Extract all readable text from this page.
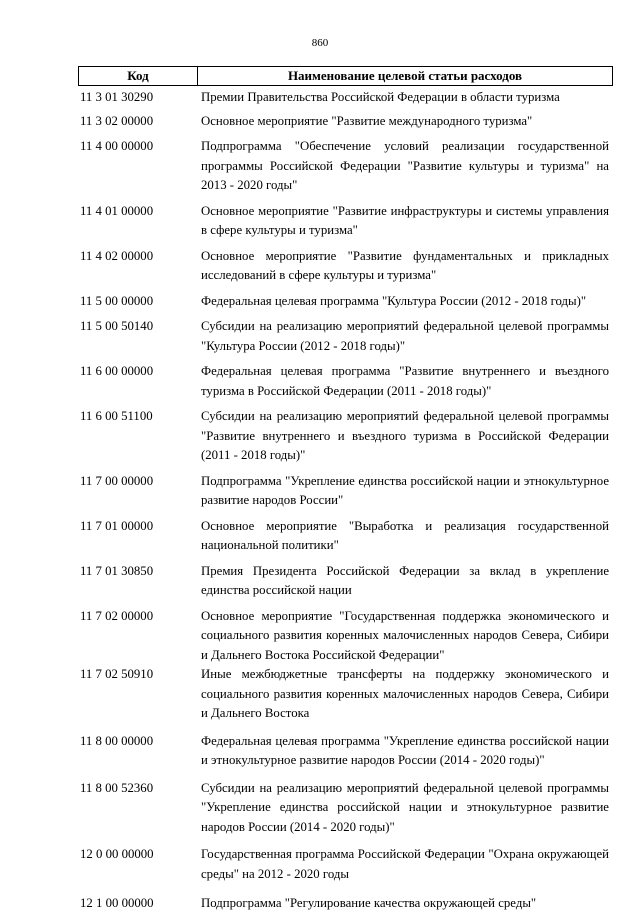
860
Код	Наименование целевой статьи расходов
11 3 01 30290	Премии Правительства Российской Федерации в области туризма
11 3 02 00000	Основное мероприятие "Развитие международного туризма"
11 4 00 00000	Подпрограмма "Обеспечение условий реализации государственной программы Российской Федерации "Развитие культуры и туризма" на 2013 - 2020 годы"
11 4 01 00000	Основное мероприятие "Развитие инфраструктуры и системы управления в сфере культуры и туризма"
11 4 02 00000	Основное мероприятие "Развитие фундаментальных и прикладных исследований в сфере культуры и туризма"
11 5 00 00000	Федеральная целевая программа "Культура России (2012 - 2018 годы)"
11 5 00 50140	Субсидии на реализацию мероприятий федеральной целевой программы "Культура России (2012 - 2018 годы)"
11 6 00 00000	Федеральная целевая программа "Развитие внутреннего и въездного туризма в Российской Федерации (2011 - 2018 годы)"
11 6 00 51100	Субсидии на реализацию мероприятий федеральной целевой программы "Развитие внутреннего и въездного туризма в Российской Федерации (2011 - 2018 годы)"
11 7 00 00000	Подпрограмма "Укрепление единства российской нации и этнокультурное развитие народов России"
11 7 01 00000	Основное мероприятие "Выработка и реализация государственной национальной политики"
11 7 01 30850	Премия Президента Российской Федерации за вклад в укрепление единства российской нации
11 7 02 00000	Основное мероприятие "Государственная поддержка экономического и социального развития коренных малочисленных народов Севера, Сибири и Дальнего Востока Российской Федерации"
11 7 02 50910	Иные межбюджетные трансферты на поддержку экономического и социального развития коренных малочисленных народов Севера, Сибири и Дальнего Востока
11 8 00 00000	Федеральная целевая программа "Укрепление единства российской нации и этнокультурное развитие народов России (2014 - 2020 годы)"
11 8 00 52360	Субсидии на реализацию мероприятий федеральной целевой программы "Укрепление единства российской нации и этнокультурное развитие народов России (2014 - 2020 годы)"
12 0 00 00000	Государственная программа Российской Федерации "Охрана окружающей среды" на 2012 - 2020 годы
12 1 00 00000	Подпрограмма "Регулирование качества окружающей среды"
